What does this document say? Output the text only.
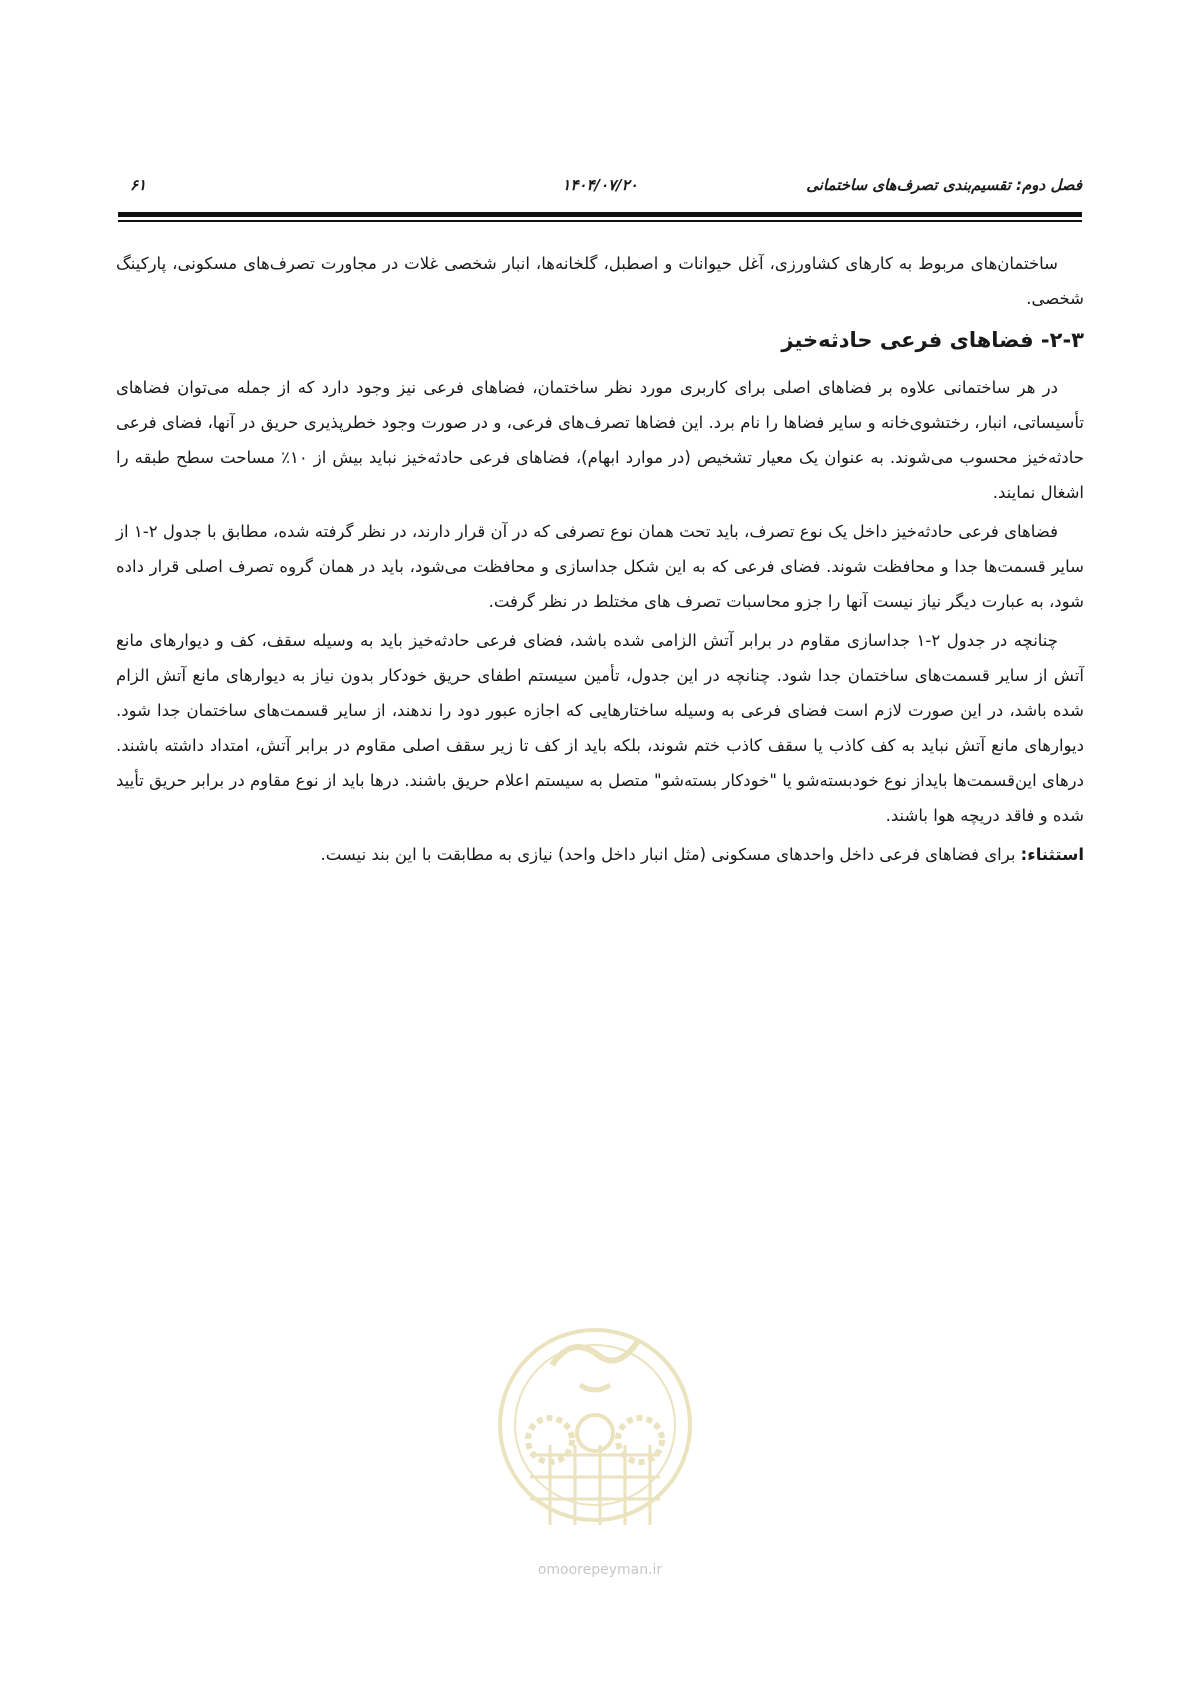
فصل دوم: تقسیم‌بندی تصرف‌های ساختمانی
۱۴۰۴/۰۷/۲۰
۶۱

ساختمان‌های مربوط به کارهای کشاورزی، آغل حیوانات و اصطبل، گلخانه‌ها، انبار شخصی غلات در مجاورت تصرف‌های مسکونی، پارکینگ شخصی.

۲-۳- فضاهای فرعی حادثه‌خیز

در هر ساختمانی علاوه بر فضاهای اصلی برای کاربری مورد نظر ساختمان، فضاهای فرعی نیز وجود دارد که از جمله می‌توان فضاهای تأسیساتی، انبار، رختشوی‌خانه و سایر فضاها را نام برد. این فضاها تصرف‌های فرعی، و در صورت وجود خطرپذیری حریق در آنها، فضای فرعی حادثه‌خیز محسوب می‌شوند. به عنوان یک معیار تشخیص (در موارد ابهام)، فضاهای فرعی حادثه‌خیز نباید بیش از ۱۰٪ مساحت سطح طبقه را اشغال نمایند.

فضاهای فرعی حادثه‌خیز داخل یک نوع تصرف، باید تحت همان نوع تصرفی که در آن قرار دارند، در نظر گرفته شده، مطابق با جدول ۲-۱ از سایر قسمت‌ها جدا و محافظت شوند. فضای فرعی که به این شکل جداسازی و محافظت می‌شود، باید در همان گروه تصرف اصلی قرار داده شود، به عبارت دیگر نیاز نیست آنها را جزو محاسبات تصرف های مختلط در نظر گرفت.

چنانچه در جدول ۲-۱ جداسازی مقاوم در برابر آتش الزامی شده باشد، فضای فرعی حادثه‌خیز باید به وسیله سقف، کف و دیوارهای مانع آتش از سایر قسمت‌های ساختمان جدا شود. چنانچه در این جدول، تأمین سیستم اطفای حریق خودکار بدون نیاز به دیوارهای مانع آتش الزام شده باشد، در این صورت لازم است فضای فرعی به وسیله ساختارهایی که اجازه عبور دود را ندهند، از سایر قسمت‌های ساختمان جدا شود. دیوارهای مانع آتش نباید به کف کاذب یا سقف کاذب ختم شوند، بلکه باید از کف تا زیر سقف اصلی مقاوم در برابر آتش، امتداد داشته باشند. درهای این‌قسمت‌ها بایداز نوع خودبسته‌شو یا "خودکار بسته‌شو" متصل به سیستم اعلام حریق باشند. درها باید از نوع مقاوم در برابر حریق تأیید شده و فاقد دریچه هوا باشند.

استثناء: برای فضاهای فرعی داخل واحدهای مسکونی (مثل انبار داخل واحد) نیازی به مطابقت با این بند نیست.

omoorepeyman.ir
